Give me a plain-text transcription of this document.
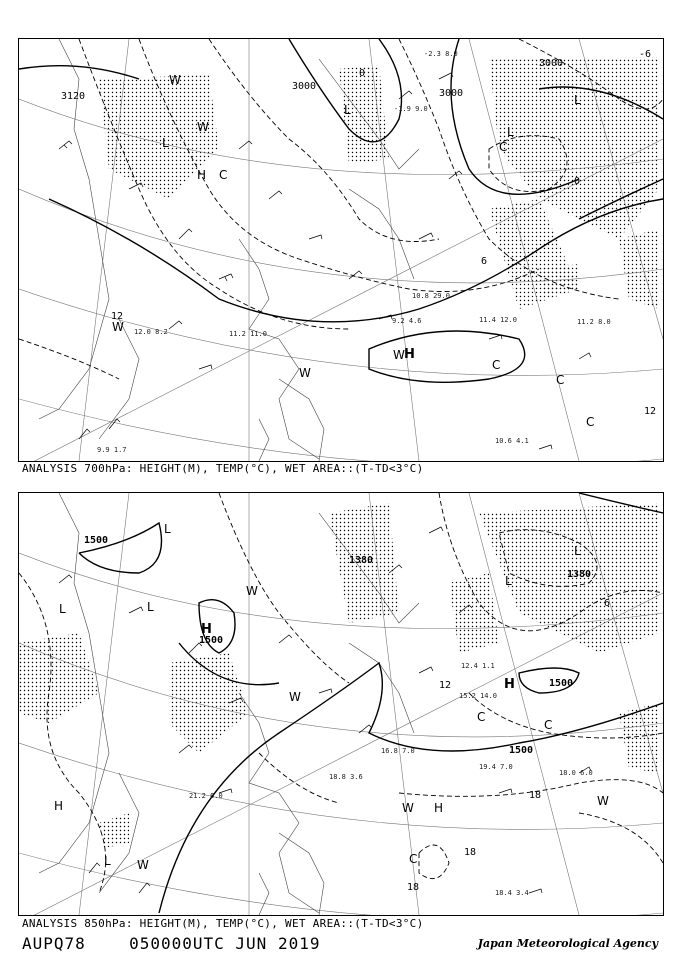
3120
3000
3000
3000
0
0
6
12
12
-6
L
L
L
L
H
W
W
W
W
C
C
C
C
C
W H
11.4 12.0	11.2 8.0
10.6 4.1
9.2 4.6
11.2 11.0
10.8 29.0
12.0 8.2
9.9 1.7
-2.3 8.0
-1.9 9.0
ANALYSIS 700hPa: HEIGHT(M), TEMP(°C), WET AREA::(T-TD<3°C)
1500
1500
1500
1500
1380
1380
6
18
18
18
12
L
L	L
L
L
L
H
H
H	H
W
W
W	W
W
C
C
C
18.4 3.4
19.4 7.0
18.0 6.0
16.8 7.0
18.8 3.6
21.2 6.0
12.4 1.1
15.2 14.0
ANALYSIS 850hPa: HEIGHT(M), TEMP(°C), WET AREA::(T-TD<3°C)
AUPQ78	050000UTC JUN 2019	Japan Meteorological Agency
